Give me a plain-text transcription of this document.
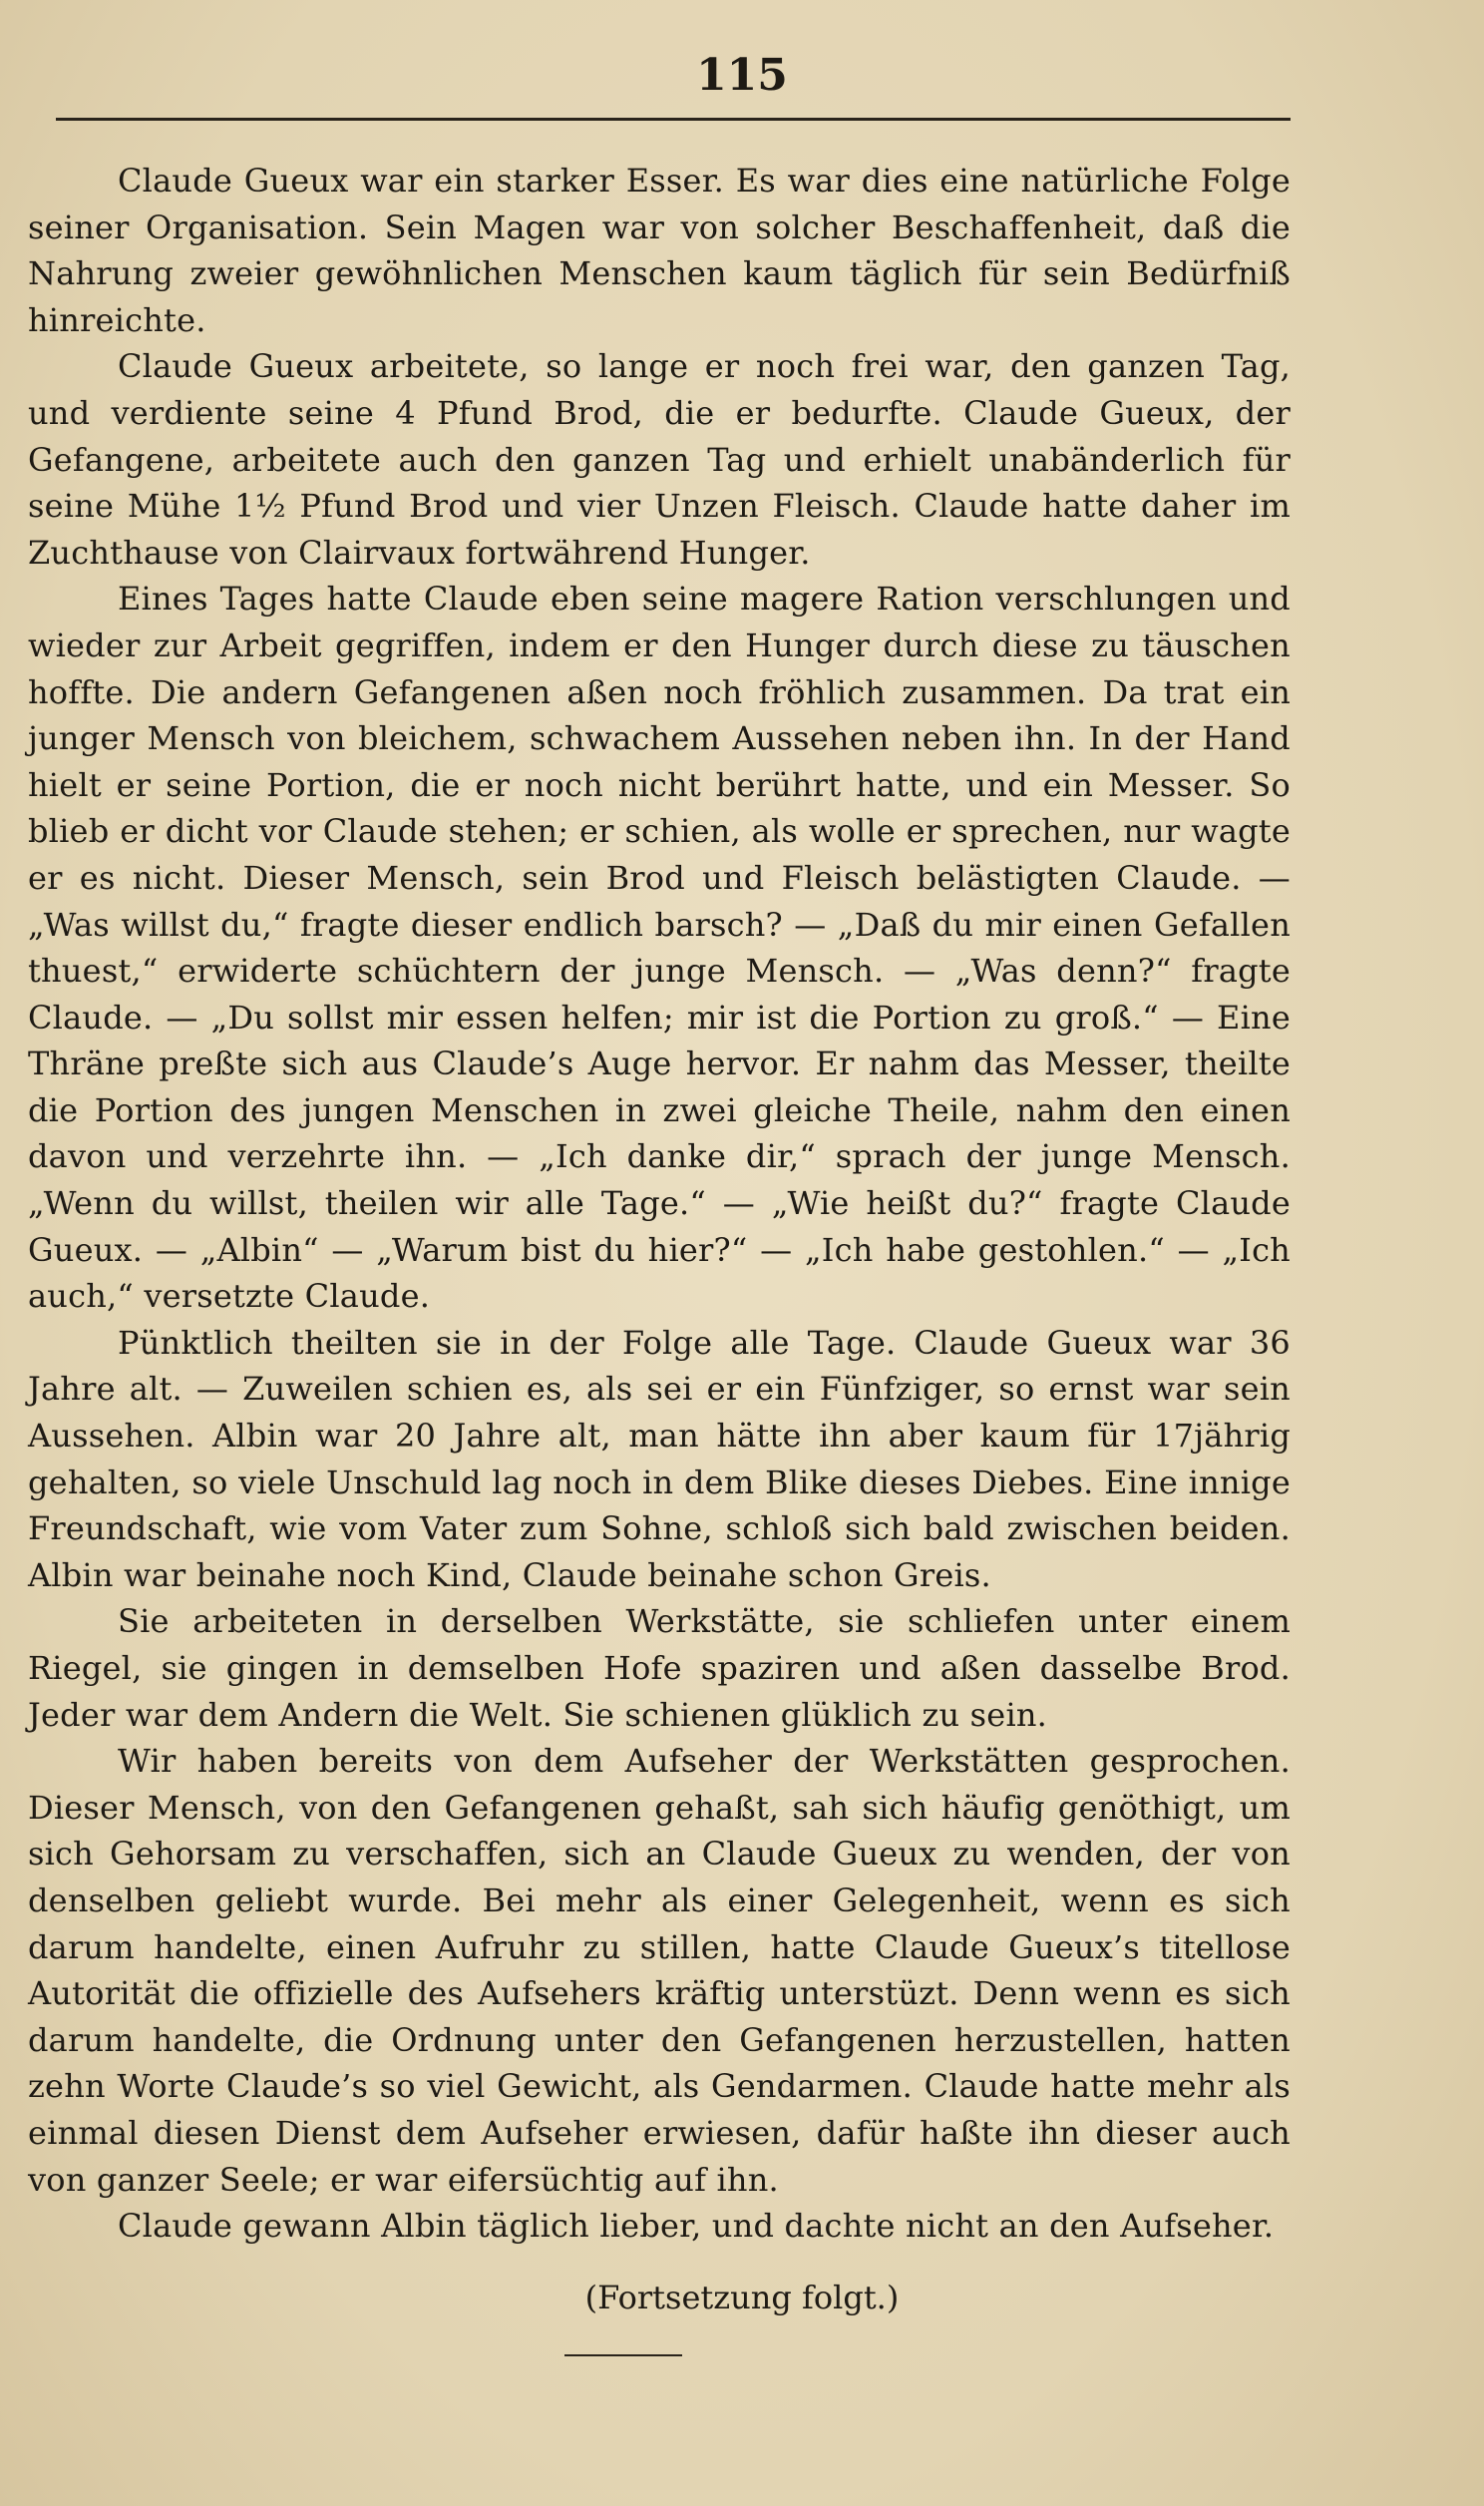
115

Claude Gueux war ein starker Esser. Es war dies eine natürliche Folge seiner Organisation. Sein Magen war von solcher Beschaffenheit, daß die Nahrung zweier gewöhnlichen Menschen kaum täglich für sein Bedürfniß hinreichte.

Claude Gueux arbeitete, so lange er noch frei war, den ganzen Tag, und verdiente seine 4 Pfund Brod, die er bedurfte. Claude Gueux, der Gefangene, arbeitete auch den ganzen Tag und erhielt unabänderlich für seine Mühe 1½ Pfund Brod und vier Unzen Fleisch. Claude hatte daher im Zuchthause von Clairvaux fortwährend Hunger.

Eines Tages hatte Claude eben seine magere Ration verschlungen und wieder zur Arbeit gegriffen, indem er den Hunger durch diese zu täuschen hoffte. Die andern Gefangenen aßen noch fröhlich zusammen. Da trat ein junger Mensch von bleichem, schwachem Aussehen neben ihn. In der Hand hielt er seine Portion, die er noch nicht berührt hatte, und ein Messer. So blieb er dicht vor Claude stehen; er schien, als wolle er sprechen, nur wagte er es nicht. Dieser Mensch, sein Brod und Fleisch belästigten Claude. — „Was willst du,“ fragte dieser endlich barsch? — „Daß du mir einen Gefallen thuest,“ erwiderte schüchtern der junge Mensch. — „Was denn?“ fragte Claude. — „Du sollst mir essen helfen; mir ist die Portion zu groß.“ — Eine Thräne preßte sich aus Claude’s Auge hervor. Er nahm das Messer, theilte die Portion des jungen Menschen in zwei gleiche Theile, nahm den einen davon und verzehrte ihn. — „Ich danke dir,“ sprach der junge Mensch. „Wenn du willst, theilen wir alle Tage.“ — „Wie heißt du?“ fragte Claude Gueux. — „Albin“ — „Warum bist du hier?“ — „Ich habe gestohlen.“ — „Ich auch,“ versetzte Claude.

Pünktlich theilten sie in der Folge alle Tage. Claude Gueux war 36 Jahre alt. — Zuweilen schien es, als sei er ein Fünfziger, so ernst war sein Aussehen. Albin war 20 Jahre alt, man hätte ihn aber kaum für 17jährig gehalten, so viele Unschuld lag noch in dem Blike dieses Diebes. Eine innige Freundschaft, wie vom Vater zum Sohne, schloß sich bald zwischen beiden. Albin war beinahe noch Kind, Claude beinahe schon Greis.

Sie arbeiteten in derselben Werkstätte, sie schliefen unter einem Riegel, sie gingen in demselben Hofe spaziren und aßen dasselbe Brod. Jeder war dem Andern die Welt. Sie schienen glüklich zu sein.

Wir haben bereits von dem Aufseher der Werkstätten gesprochen. Dieser Mensch, von den Gefangenen gehaßt, sah sich häufig genöthigt, um sich Gehorsam zu verschaffen, sich an Claude Gueux zu wenden, der von denselben geliebt wurde. Bei mehr als einer Gelegenheit, wenn es sich darum handelte, einen Aufruhr zu stillen, hatte Claude Gueux’s titellose Autorität die offizielle des Aufsehers kräftig unterstüzt. Denn wenn es sich darum handelte, die Ordnung unter den Gefangenen herzustellen, hatten zehn Worte Claude’s so viel Gewicht, als Gendarmen. Claude hatte mehr als einmal diesen Dienst dem Aufseher erwiesen, dafür haßte ihn dieser auch von ganzer Seele; er war eifersüchtig auf ihn.

Claude gewann Albin täglich lieber, und dachte nicht an den Aufseher.

(Fortsetzung folgt.)
